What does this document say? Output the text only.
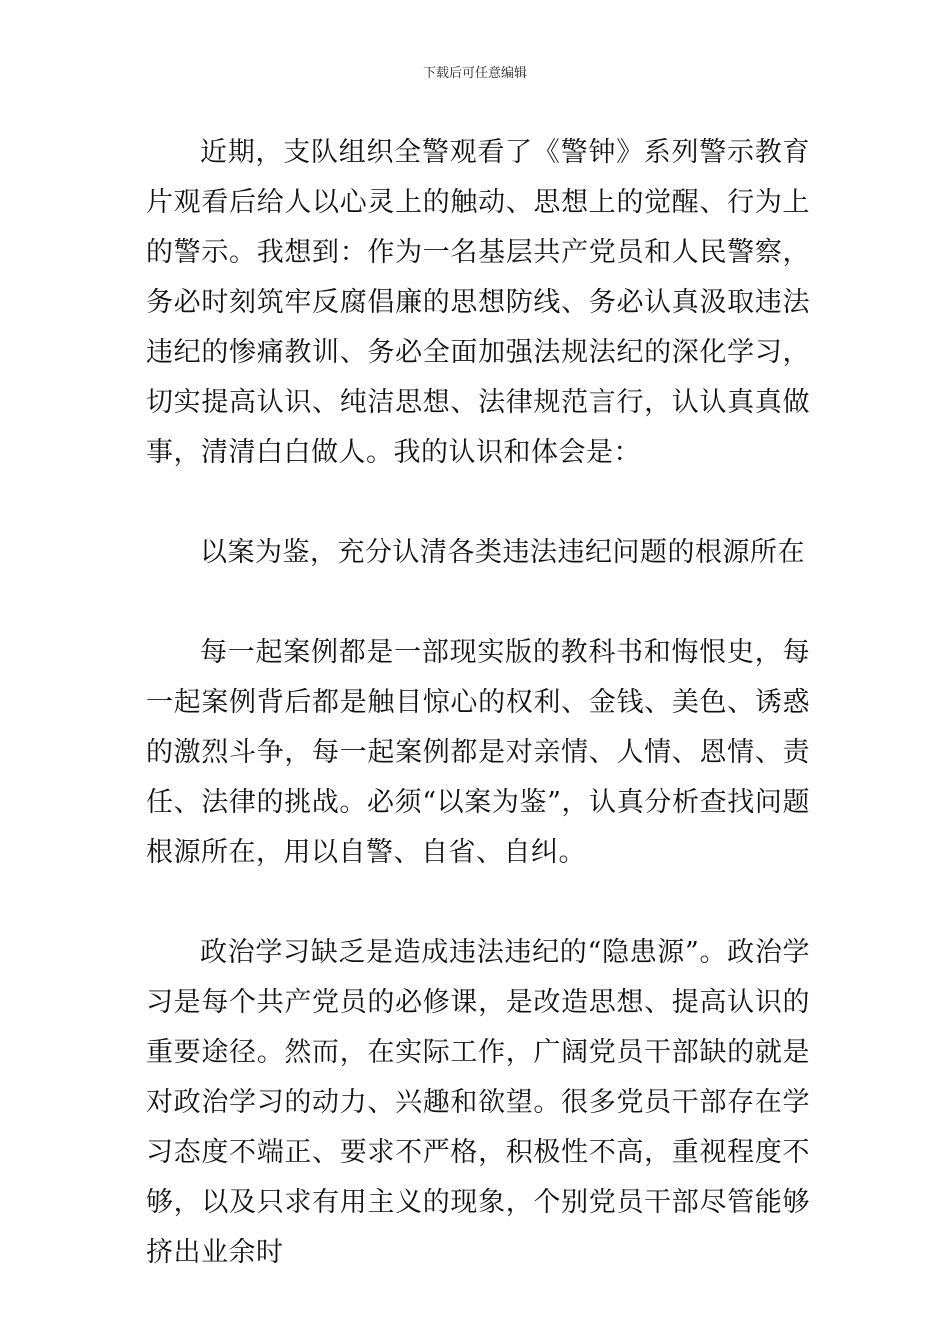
下载后可任意编辑

近期，支队组织全警观看了《警钟》系列警示教育片观看后给人以心灵上的触动、思想上的觉醒、行为上的警示。我想到：作为一名基层共产党员和人民警察，务必时刻筑牢反腐倡廉的思想防线、务必认真汲取违法违纪的惨痛教训、务必全面加强法规法纪的深化学习，切实提高认识、纯洁思想、法律规范言行，认认真真做事，清清白白做人。我的认识和体会是：

以案为鉴，充分认清各类违法违纪问题的根源所在

每一起案例都是一部现实版的教科书和悔恨史，每一起案例背后都是触目惊心的权利、金钱、美色、诱惑的激烈斗争，每一起案例都是对亲情、人情、恩情、责任、法律的挑战。必须“以案为鉴”，认真分析查找问题根源所在，用以自警、自省、自纠。

政治学习缺乏是造成违法违纪的“隐患源”。政治学习是每个共产党员的必修课，是改造思想、提高认识的重要途径。然而，在实际工作，广阔党员干部缺的就是对政治学习的动力、兴趣和欲望。很多党员干部存在学习态度不端正、要求不严格，积极性不高，重视程度不够，以及只求有用主义的现象，个别党员干部尽管能够挤出业余时
